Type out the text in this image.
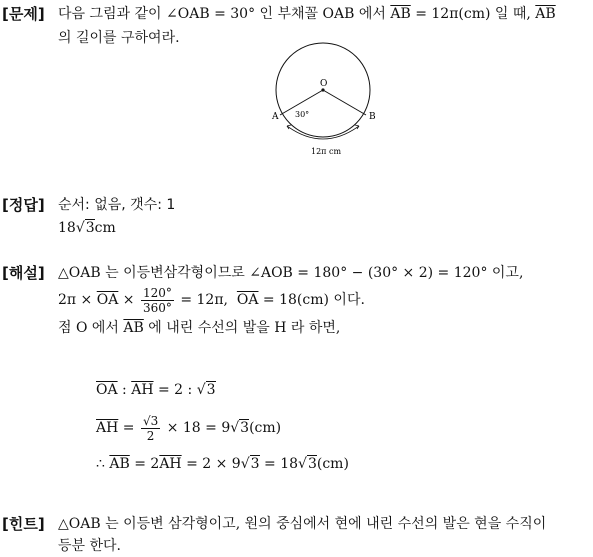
[문제] 다음 그림과 같이 ∠OAB = 30° 인 부채꼴 OAB 에서 $\overline{AB} = 12\pi(cm)$ 일 때, $\overline{AB}$
의 길이를 구하여라.
O
A	B
30°
12π cm
[정답] 순서: 없음, 갯수: 1
18√3cm
[해설] △OAB 는 이등변삼각형이므로 ∠AOB = 180° − (30° × 2) = 120° 이고,
$2\pi \times \overline{OA} \times \frac{120^\circ}{360^\circ} = 12\pi$,  $\overline{OA} = 18(cm)$ 이다.
점 O 에서 $\overline{AB}$ 에 내린 수선의 발을 H 라 하면,
$\overline{OA}$ : $\overline{AH} = 2$ : √3
$\overline{AH} = \frac{√3}{2} \times 18 = 9√3(cm)$
∴ $\overline{AB} = 2\overline{AH} = 2 \times 9√3 = 18√3(cm)$
[힌트] △OAB 는 이등변 삼각형이고, 원의 중심에서 현에 내린 수선의 발은 현을 수직이
등분 한다.
